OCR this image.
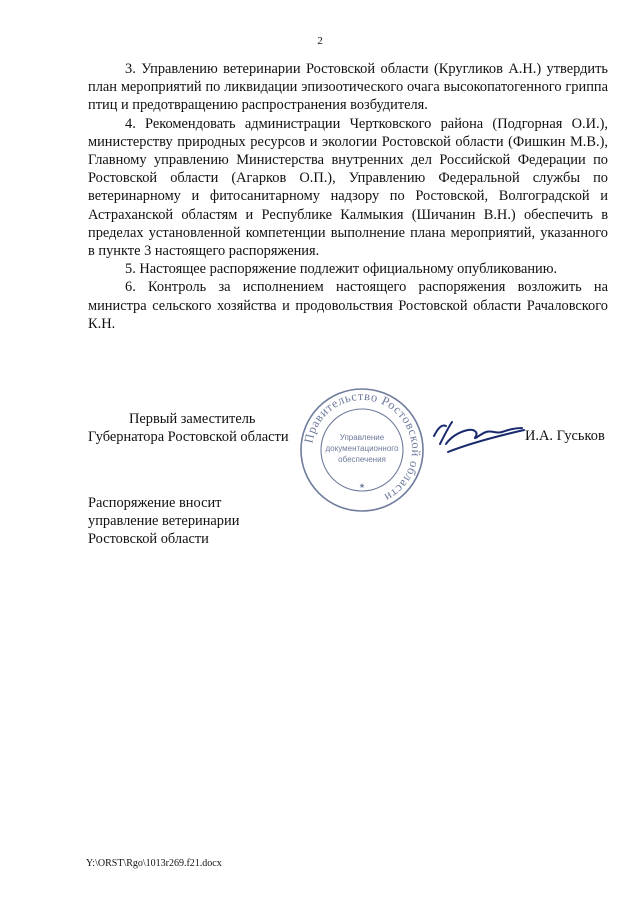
2

3. Управлению ветеринарии Ростовской области (Кругликов А.Н.) утвердить план мероприятий по ликвидации эпизоотического очага высокопатогенного гриппа птиц и предотвращению распространения возбудителя.

4. Рекомендовать администрации Чертковского района (Подгорная О.И.), министерству природных ресурсов и экологии Ростовской области (Фишкин М.В.), Главному управлению Министерства внутренних дел Российской Федерации по Ростовской области (Агарков О.П.), Управлению Федеральной службы по ветеринарному и фитосанитарному надзору по Ростовской, Волгоградской и Астраханской областям и Республике Калмыкия (Шичанин В.Н.) обеспечить в пределах установленной компетенции выполнение плана мероприятий, указанного в пункте 3 настоящего распоряжения.

5. Настоящее распоряжение подлежит официальному опубликованию.

6. Контроль за исполнением настоящего распоряжения возложить на министра сельского хозяйства и продовольствия Ростовской области Рачаловского К.Н.

Первый заместитель
Губернатора Ростовской области Правительство Ростовской области
Управление
документационного
обеспечения
★
И.А. Гуськов
Распоряжение вносит
управление ветеринарии
Ростовской области
Y:\ORST\Rgo\1013r269.f21.docx
